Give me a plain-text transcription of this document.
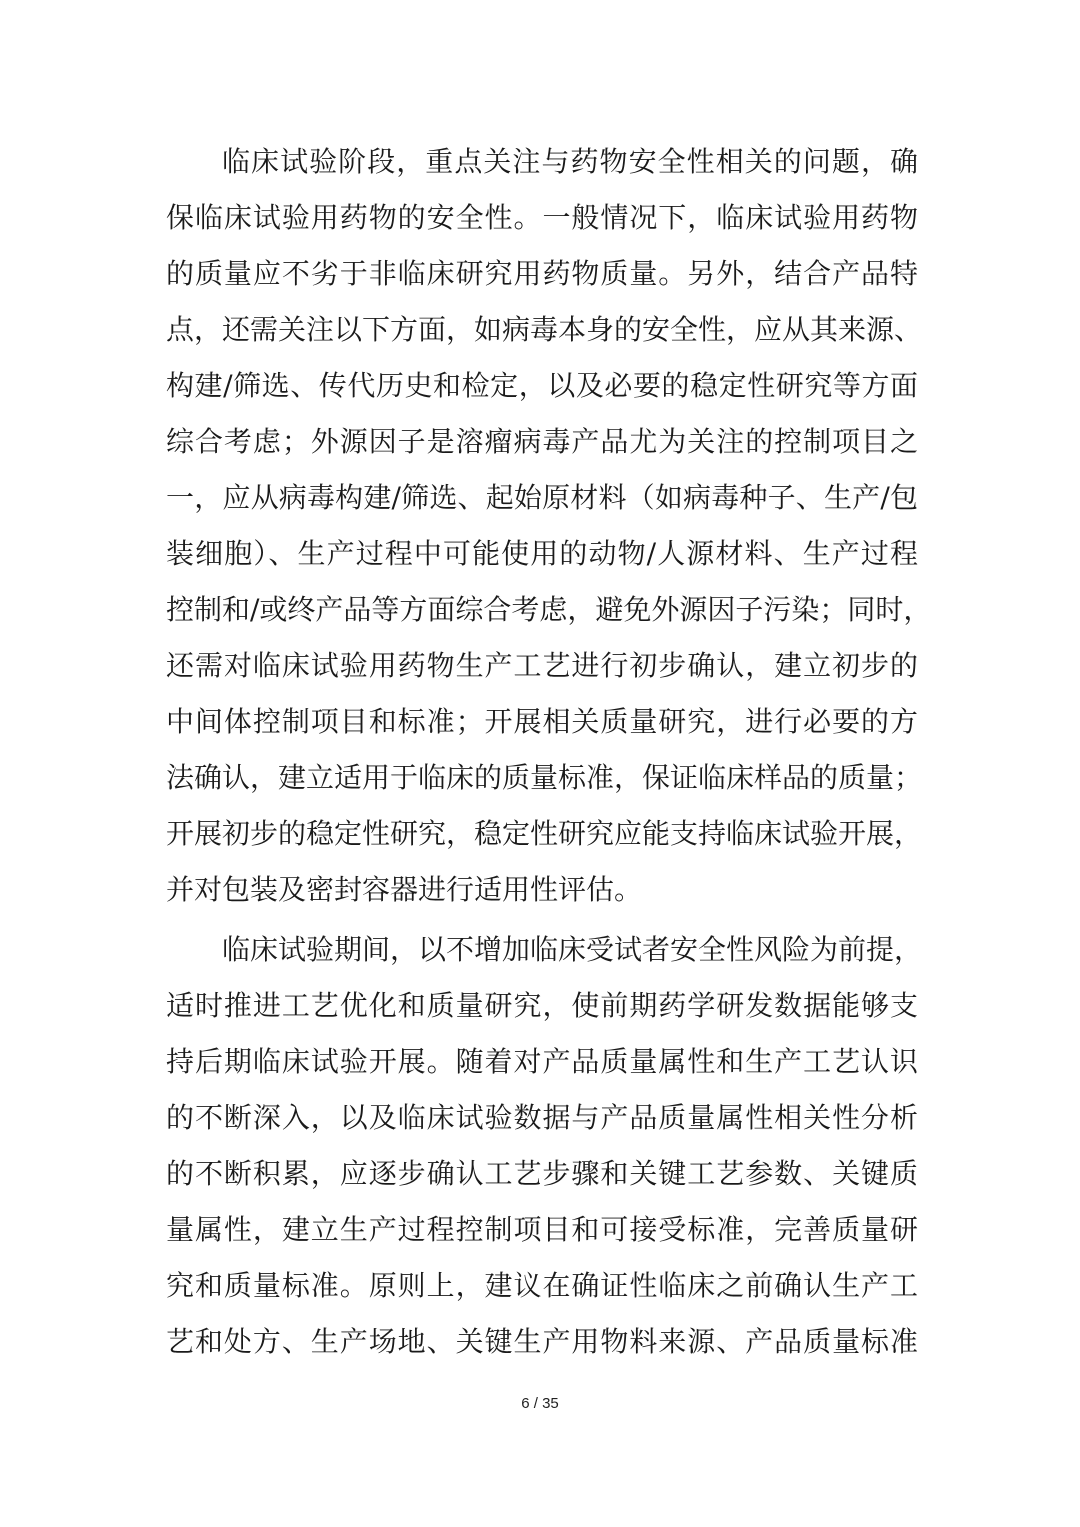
临床试验阶段，重点关注与药物安全性相关的问题，确
保临床试验用药物的安全性。一般情况下，临床试验用药物
的质量应不劣于非临床研究用药物质量。另外，结合产品特
点，还需关注以下方面，如病毒本身的安全性，应从其来源、
构建/筛选、传代历史和检定，以及必要的稳定性研究等方面
综合考虑；外源因子是溶瘤病毒产品尤为关注的控制项目之
一，应从病毒构建/筛选、起始原材料（如病毒种子、生产/包
装细胞）、生产过程中可能使用的动物/人源材料、生产过程
控制和/或终产品等方面综合考虑，避免外源因子污染；同时，
还需对临床试验用药物生产工艺进行初步确认，建立初步的
中间体控制项目和标准；开展相关质量研究，进行必要的方
法确认，建立适用于临床的质量标准，保证临床样品的质量；
开展初步的稳定性研究，稳定性研究应能支持临床试验开展，
并对包装及密封容器进行适用性评估。
临床试验期间，以不增加临床受试者安全性风险为前提，
适时推进工艺优化和质量研究，使前期药学研发数据能够支
持后期临床试验开展。随着对产品质量属性和生产工艺认识
的不断深入，以及临床试验数据与产品质量属性相关性分析
的不断积累，应逐步确认工艺步骤和关键工艺参数、关键质
量属性，建立生产过程控制项目和可接受标准，完善质量研
究和质量标准。原则上，建议在确证性临床之前确认生产工
艺和处方、生产场地、关键生产用物料来源、产品质量标准
6 / 35
